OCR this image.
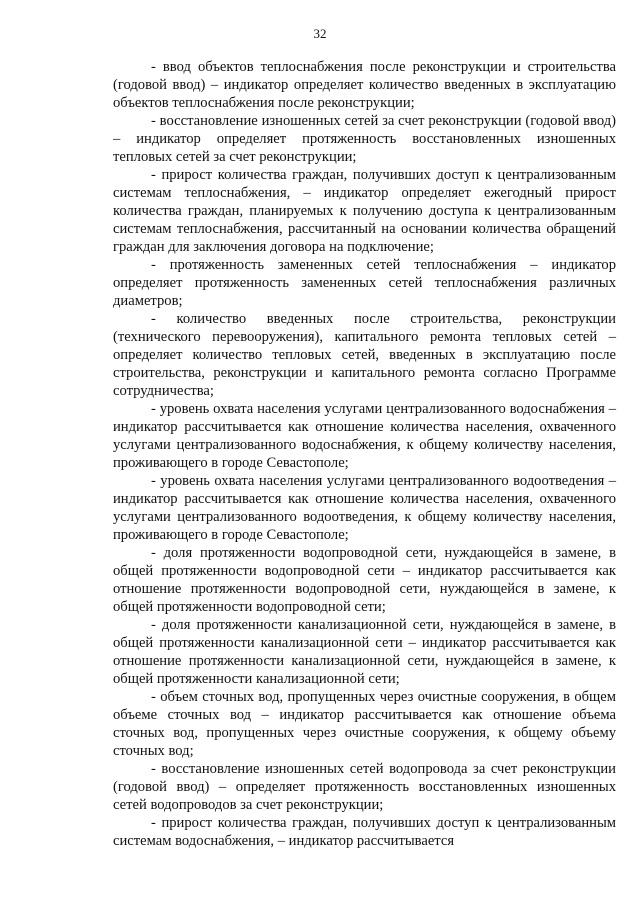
32

- ввод объектов теплоснабжения после реконструкции и строительства (годовой ввод) – индикатор определяет количество введенных в эксплуатацию объектов теплоснабжения после реконструкции;

- восстановление изношенных сетей за счет реконструкции (годовой ввод) – индикатор определяет протяженность восстановленных изношенных тепловых сетей за счет реконструкции;

- прирост количества граждан, получивших доступ к централизованным системам теплоснабжения, – индикатор определяет ежегодный прирост количества граждан, планируемых к получению доступа к централизованным системам теплоснабжения, рассчитанный на основании количества обращений граждан для заключения договора на подключение;

- протяженность замененных сетей теплоснабжения – индикатор определяет протяженность замененных сетей теплоснабжения различных диаметров;

- количество введенных после строительства, реконструкции (технического перевооружения), капитального ремонта тепловых сетей – определяет количество тепловых сетей, введенных в эксплуатацию после строительства, реконструкции и капитального ремонта согласно Программе сотрудничества;

- уровень охвата населения услугами централизованного водоснабжения – индикатор рассчитывается как отношение количества населения, охваченного услугами централизованного водоснабжения, к общему количеству населения, проживающего в городе Севастополе;

- уровень охвата населения услугами централизованного водоотведения – индикатор рассчитывается как отношение количества населения, охваченного услугами централизованного водоотведения, к общему количеству населения, проживающего в городе Севастополе;

- доля протяженности водопроводной сети, нуждающейся в замене, в общей протяженности водопроводной сети – индикатор рассчитывается как отношение протяженности водопроводной сети, нуждающейся в замене, к общей протяженности водопроводной сети;

- доля протяженности канализационной сети, нуждающейся в замене, в общей протяженности канализационной сети – индикатор рассчитывается как отношение протяженности канализационной сети, нуждающейся в замене, к общей протяженности канализационной сети;

- объем сточных вод, пропущенных через очистные сооружения, в общем объеме сточных вод – индикатор рассчитывается как отношение объема сточных вод, пропущенных через очистные сооружения, к общему объему сточных вод;

- восстановление изношенных сетей водопровода за счет реконструкции (годовой ввод) – определяет протяженность восстановленных изношенных сетей водопроводов за счет реконструкции;

- прирост количества граждан, получивших доступ к централизованным системам водоснабжения, – индикатор рассчитывается
